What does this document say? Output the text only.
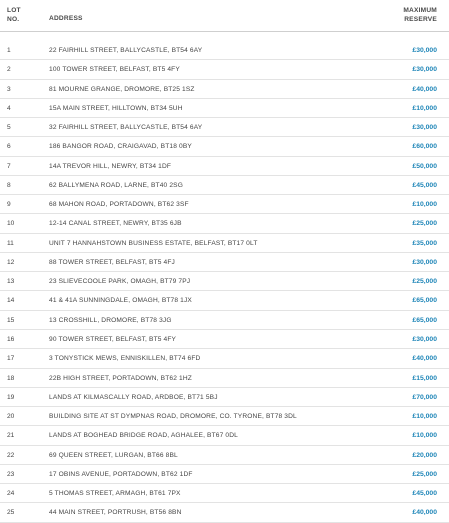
LOT
NO.	ADDRESS
MAXIMUM
RESERVE
1	22 FAIRHILL STREET, BALLYCASTLE, BT54 6AY	£30,000
2	100 TOWER STREET, BELFAST, BT5 4FY	£30,000
3	81 MOURNE GRANGE, DROMORE, BT25 1SZ	£40,000
4	15A MAIN STREET, HILLTOWN, BT34 5UH	£10,000
5	32 FAIRHILL STREET, BALLYCASTLE, BT54 6AY	£30,000
6	186 BANGOR ROAD, CRAIGAVAD, BT18 0BY	£60,000
7	14A TREVOR HILL, NEWRY, BT34 1DF	£50,000
8	62 BALLYMENA ROAD, LARNE, BT40 2SG	£45,000
9	68 MAHON ROAD, PORTADOWN, BT62 3SF	£10,000
10	12-14 CANAL STREET, NEWRY, BT35 6JB	£25,000
11	UNIT 7 HANNAHSTOWN BUSINESS ESTATE, BELFAST, BT17 0LT	£35,000
12	88 TOWER STREET, BELFAST, BT5 4FJ	£30,000
13	23 SLIEVECOOLE PARK, OMAGH, BT79 7PJ	£25,000
14	41 & 41A SUNNINGDALE, OMAGH, BT78 1JX	£65,000
15	13 CROSSHILL, DROMORE, BT78 3JG	£65,000
16	90 TOWER STREET, BELFAST, BT5 4FY	£30,000
17	3 TONYSTICK MEWS, ENNISKILLEN, BT74 6FD	£40,000
18	22B HIGH STREET, PORTADOWN, BT62 1HZ	£15,000
19	LANDS AT KILMASCALLY ROAD, ARDBOE, BT71 5BJ	£70,000
20	BUILDING SITE AT ST DYMPNAS ROAD, DROMORE, CO. TYRONE, BT78 3DL	£10,000
21	LANDS AT BOGHEAD BRIDGE ROAD, AGHALEE, BT67 0DL	£10,000
22	69 QUEEN STREET, LURGAN, BT66 8BL	£20,000
23	17 OBINS AVENUE, PORTADOWN, BT62 1DF	£25,000
24	5 THOMAS STREET, ARMAGH, BT61 7PX	£45,000
25	44 MAIN STREET, PORTRUSH, BT56 8BN	£40,000
